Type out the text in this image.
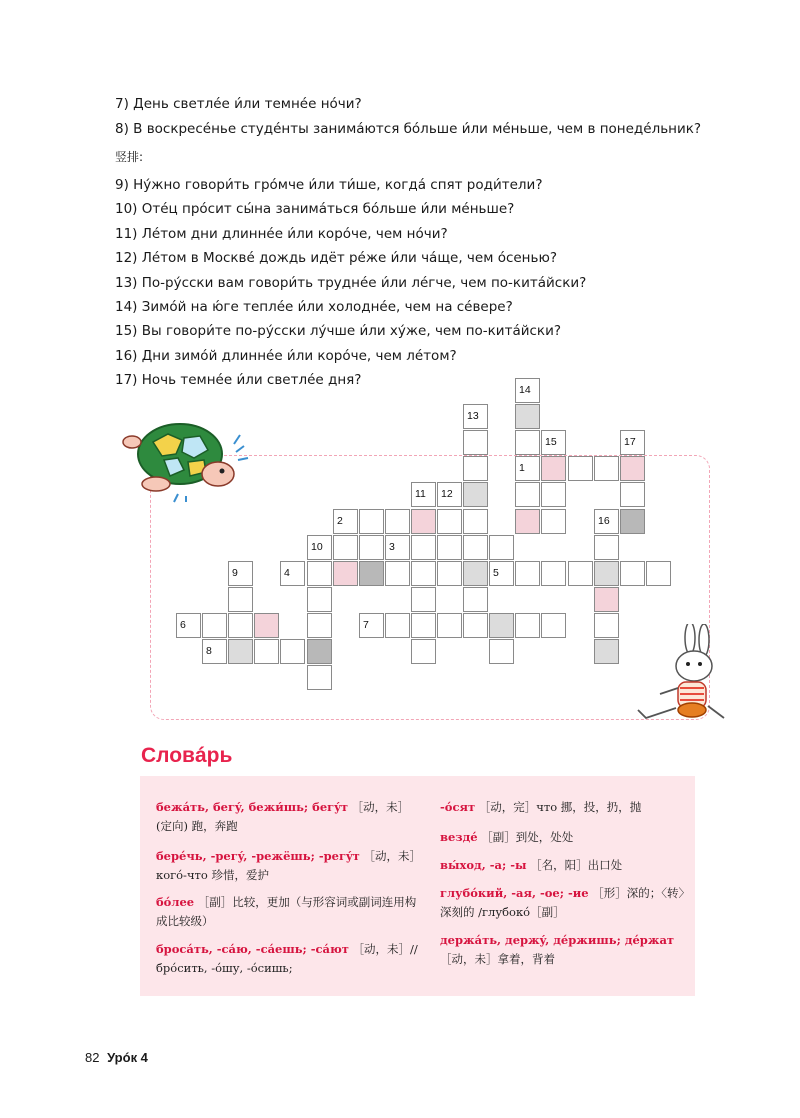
7) День светлée и́ли темнée нóчи?
8) В воскресéнье студéнты занимáются бóльше и́ли мéньше, чем в понедéльник?
竖排:
9) Нýжно говори́ть грóмче и́ли ти́ше, когдá спят роди́тели?
10) Отéц прóсит сы́на занимáться бóльше и́ли мéньше?
11) Лéтом дни длиннée и́ли корóче, чем нóчи?
12) Лéтом в Москвé дождь идёт рéже и́ли чáще, чем óсенью?
13) По-рýсски вам говори́ть труднée и́ли лéгче, чем по-китáйски?
14) Зимóй на ю́ге теплée и́ли холоднée, чем на сéвере?
15) Вы говори́те по-рýсски лýчше и́ли хýже, чем по-китáйски?
16) Дни зимóй длиннée и́ли корóче, чем лéтом?
17) Ночь темнée и́ли светлée дня?
14
13
15	17
1
11 12
2	16
10	3
9	4	5
6	7
8
Словáрь
бежáть, бегý, бежи́шь; бегýт ［动，未］(定向) 跑，奔跑
берéчь, -регý, -режёшь; -регýт ［动，未］когó-что 珍惜，爱护
бóлее ［副］比较，更加（与形容词或副词连用构成比较级）
бросáть, -сáю, -сáешь; -сáют ［动，未］//брóсить, -óшу, -óсишь;
-óсят ［动，完］что 挪，投，扔，抛
вездé ［副］到处，处处
вы́ход, -а; -ы ［名，阳］出口处
глубóкий, -ая, -ое; -ие ［形］深的；〈转〉深刻的 /глубокó［副］
держáть, держý, дéржишь; дéржат ［动，未］拿着，背着
82 Урóк 4
